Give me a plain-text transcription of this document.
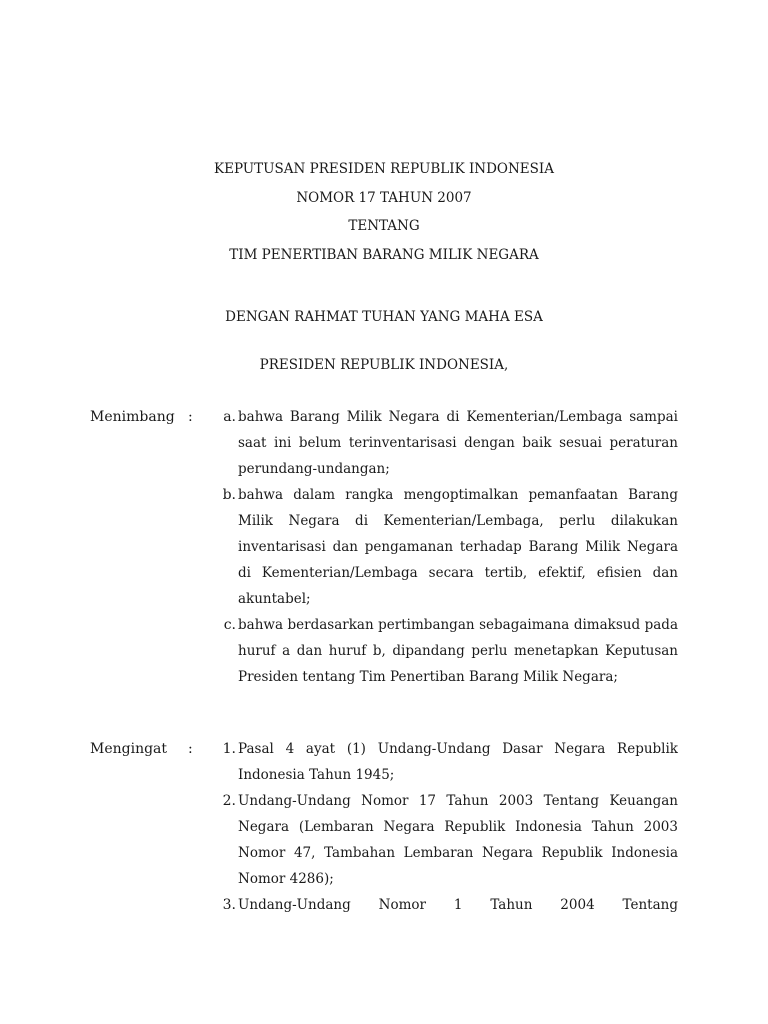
KEPUTUSAN PRESIDEN REPUBLIK INDONESIA
NOMOR 17 TAHUN 2007
TENTANG
TIM PENERTIBAN BARANG MILIK NEGARA
DENGAN RAHMAT TUHAN YANG MAHA ESA
PRESIDEN REPUBLIK INDONESIA,
Menimbang :	a. bahwa Barang Milik Negara di Kementerian/Lembaga sampai saat ini belum terinventarisasi dengan baik sesuai peraturan perundang-undangan;
b. bahwa dalam rangka mengoptimalkan pemanfaatan Barang Milik Negara di Kementerian/Lembaga, perlu dilakukan inventarisasi dan pengamanan terhadap Barang Milik Negara di Kementerian/Lembaga secara tertib, efektif, efisien dan akuntabel;
c. bahwa berdasarkan pertimbangan sebagaimana dimaksud pada huruf a dan huruf b, dipandang perlu menetapkan Keputusan Presiden tentang Tim Penertiban Barang Milik Negara;
Mengingat	:	1. Pasal 4 ayat (1) Undang-Undang Dasar Negara Republik Indonesia Tahun 1945;
2. Undang-Undang Nomor 17 Tahun 2003 Tentang Keuangan Negara (Lembaran Negara Republik Indonesia Tahun 2003 Nomor 47, Tambahan Lembaran Negara Republik Indonesia Nomor 4286);
3. Undang-Undang Nomor 1 Tahun 2004 Tentang
